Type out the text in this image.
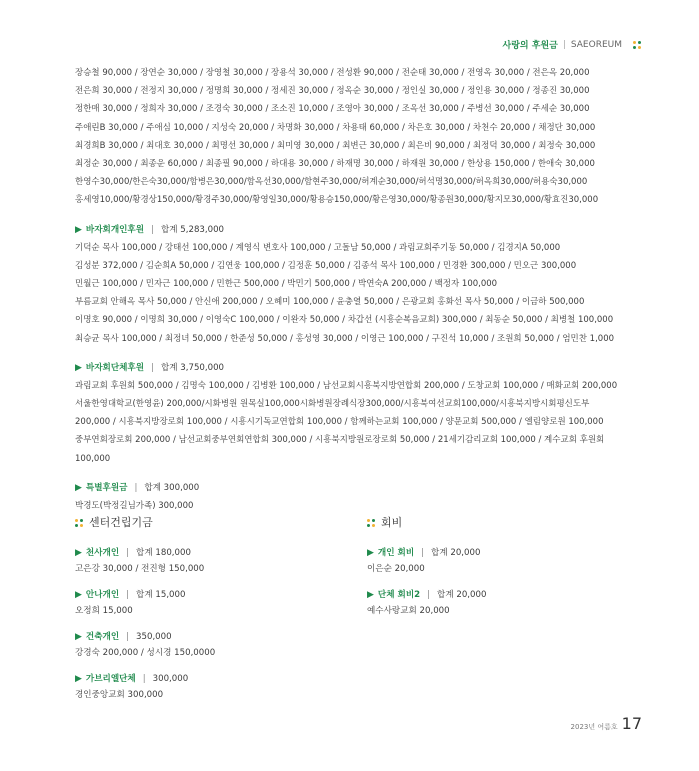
사랑의 후원금 | SAEOREUM
장승철 90,000 / 장연순 30,000 / 장영철 30,000 / 장용석 30,000 / 전성환 90,000 / 전순태 30,000 / 전영옥 30,000 / 전은옥 20,000
전은희 30,000 / 전정지 30,000 / 정명희 30,000 / 정세진 30,000 / 정옥순 30,000 / 정인실 30,000 / 정인용 30,000 / 정종진 30,000
정한매 30,000 / 정희자 30,000 / 조경숙 30,000 / 조소진 10,000 / 조영아 30,000 / 조옥선 30,000 / 주병선 30,000 / 주세순 30,000
주애린B 30,000 / 주애심 10,000 / 지성숙 20,000 / 차명화 30,000 / 차용태 60,000 / 차은호 30,000 / 차천수 20,000 / 채정단 30,000
최경희B 30,000 / 최대호 30,000 / 최명선 30,000 / 최미영 30,000 / 최변근 30,000 / 최은비 90,000 / 최정덕 30,000 / 최정숙 30,000
최정순 30,000 / 최종운 60,000 / 최종필 90,000 / 하대용 30,000 / 하재명 30,000 / 하재원 30,000 / 한상용 150,000 / 한애숙 30,000
한영수30,000/한은숙30,000/함병은30,000/함옥선30,000/함현주30,000/허계순30,000/허석명30,000/허옥희30,000/허용숙30,000
홍세영10,000/황경상150,000/황경주30,000/황영일30,000/황용승150,000/황은영30,000/황종원30,000/황지모30,000/황효진30,000
▶ 바자회개인후원 | 합계 5,283,000
기덕순 목사 100,000 / 강태선 100,000 / 계영식 변호사 100,000 / 고돌남 50,000 / 과림교회주기동 50,000 / 김경지A 50,000
김성분 372,000 / 김순희A 50,000 / 김연웅 100,000 / 김정훈 50,000 / 김종석 목사 100,000 / 민경환 300,000 / 민오근 300,000
민월근 100,000 / 민자근 100,000 / 민한근 500,000 / 박민기 500,000 / 박연숙A 200,000 / 백정자 100,000
부름교회 안해옥 목사 50,000 / 안신애 200,000 / 오혜미 100,000 / 윤충열 50,000 / 은광교회 홍화선 목사 50,000 / 이금하 500,000
이명호 90,000 / 이명희 30,000 / 이영숙C 100,000 / 이완자 50,000 / 차갑선 (시흥순복음교회) 300,000 / 최동순 50,000 / 최병철 100,000
최승균 목사 100,000 / 최정녀 50,000 / 한준성 50,000 / 홍성영 30,000 / 이영근 100,000 / 구진석 10,000 / 조원희 50,000 / 엄민찬 1,000
▶ 바자회단체후원 | 합계 3,750,000
과림교회 후원회 500,000 / 김명숙 100,000 / 김병환 100,000 / 남선교회시흥북지방연합회 200,000 / 도창교회 100,000 / 매화교회 200,000
서울한영대학교(한영윤) 200,000/시화병원 원목실100,000시화병원장례식장300,000/시흥북여선교회100,000/시흥북지방시회평신도부
200,000 / 시흥북지방장로회 100,000 / 시흥시기독교연합회 100,000 / 함께하는교회 100,000 / 양문교회 500,000 / 엘림양로원 100,000
중부연회장로회 200,000 / 남선교회중부연회연합회 300,000 / 시흥북지방원로장로회 50,000 / 21세기감리교회 100,000 / 계수교회 후원회
100,000
▶ 특별후원금 | 합계 300,000
박경도(박정길님가족) 300,000
센터건립기금
▶ 천사개인 | 합계 180,000
고은강 30,000 / 전진형 150,000
▶ 안나개인 | 합계 15,000
오정희 15,000
▶ 건축개인 | 350,000
강경숙 200,000 / 성시경 150,0000
▶ 가브리엘단체 | 300,000
경인중앙교회 300,000
회비
▶ 개인 회비 | 합계 20,000
이은순 20,000
▶ 단체 회비2 | 합계 20,000
예수사랑교회 20,000
2023년 여름호 17
